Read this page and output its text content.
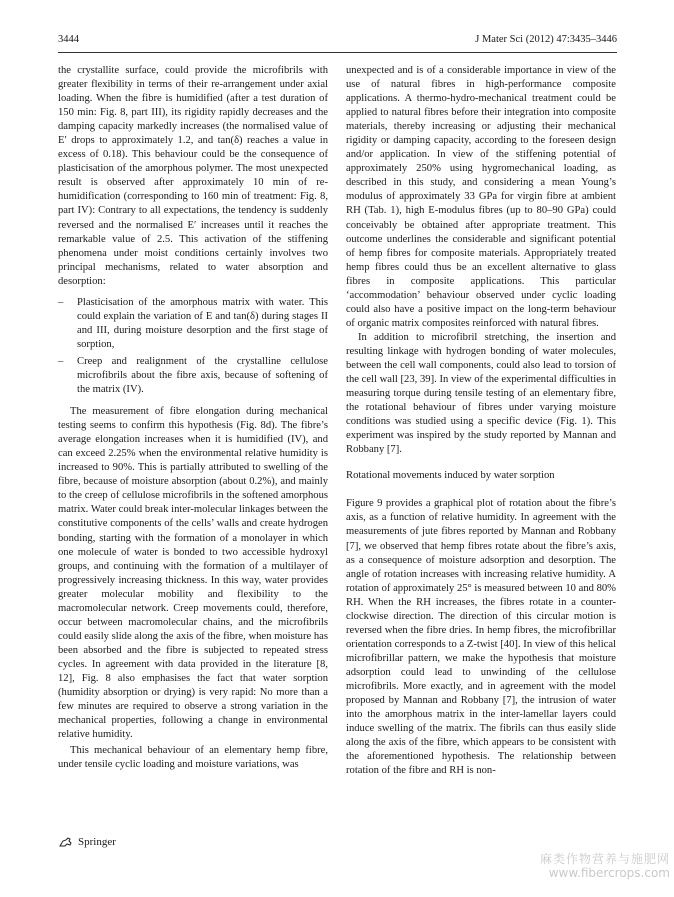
3444	J Mater Sci (2012) 47:3435–3446

the crystallite surface, could provide the microfibrils with greater flexibility in terms of their re-arrangement under axial loading. When the fibre is humidified (after a test duration of 150 min: Fig. 8, part III), its rigidity rapidly decreases and the damping capacity markedly increases (the normalised value of E′ drops to approximately 1.2, and tan(δ) reaches a value in excess of 0.18). This behaviour could be the consequence of plasticisation of the amorphous polymer. The most unexpected result is observed after approximately 10 min of re-humidification (corresponding to 160 min of treatment: Fig. 8, part IV): Contrary to all expectations, the tendency is suddenly reversed and the normalised E′ increases until it reaches the remarkable value of 2.5. This activation of the stiffening phenomena under moist conditions certainly involves two principal mechanisms, related to water absorption and desorption:

– Plasticisation of the amorphous matrix with water. This could explain the variation of E and tan(δ) during stages II and III, during moisture desorption and the first stage of sorption,
– Creep and realignment of the crystalline cellulose microfibrils about the fibre axis, because of softening of the matrix (IV).

The measurement of fibre elongation during mechanical testing seems to confirm this hypothesis (Fig. 8d). The fibre’s average elongation increases when it is humidified (IV), and can exceed 2.25% when the environmental relative humidity is increased to 90%. This is partially attributed to swelling of the fibre, because of moisture absorption (about 0.2%), and mainly to the creep of cellulose microfibrils in the softened amorphous matrix. Water could break inter-molecular linkages between the constitutive components of the cells’ walls and create hydrogen bonding, starting with the formation of a monolayer in which one molecule of water is bonded to two accessible hydroxyl groups, and continuing with the formation of a multilayer of progressively increasing thickness. In this way, water provides greater molecular mobility and flexibility to the macromolecular network. Creep movements could, therefore, occur between macromolecular chains, and the microfibrils could easily slide along the axis of the fibre, when moisture has been absorbed and the fibre is subjected to repeated stress cycles. In agreement with data provided in the literature [8, 12], Fig. 8 also emphasises the fact that water sorption (humidity absorption or drying) is very rapid: No more than a few minutes are required to observe a strong variation in the mechanical properties, following a change in environmental relative humidity.

This mechanical behaviour of an elementary hemp fibre, under tensile cyclic loading and moisture variations, was

unexpected and is of a considerable importance in view of the use of natural fibres in high-performance composite applications. A thermo-hydro-mechanical treatment could be applied to natural fibres before their integration into composite materials, thereby increasing or adjusting their mechanical rigidity or damping capacity, according to the foreseen design and/or application. In view of the stiffening potential of approximately 250% using hygromechanical loading, as described in this study, and considering a mean Young’s modulus of approximately 33 GPa for virgin fibre at ambient RH (Tab. 1), high E-modulus fibres (up to 80–90 GPa) could conceivably be obtained after appropriate treatment. This outcome underlines the considerable and significant potential of hemp fibres for composite materials. Appropriately treated hemp fibres could thus be an excellent alternative to glass fibres in composite applications. This particular ‘accommodation’ behaviour observed under cyclic loading could also have a positive impact on the long-term behaviour of organic matrix composites reinforced with natural fibres.

In addition to microfibril stretching, the insertion and resulting linkage with hydrogen bonding of water molecules, between the cell wall components, could also lead to torsion of the cell wall [23, 39]. In view of the experimental difficulties in measuring torque during tensile testing of an elementary fibre, the rotational behaviour of fibres under varying moisture conditions was studied using a specific device (Fig. 1). This experiment was inspired by the study reported by Mannan and Robbany [7].

Rotational movements induced by water sorption

Figure 9 provides a graphical plot of rotation about the fibre’s axis, as a function of relative humidity. In agreement with the measurements of jute fibres reported by Mannan and Robbany [7], we observed that hemp fibres rotate about the fibre’s axis, as a consequence of moisture adsorption and desorption. The angle of rotation increases with increasing relative humidity. A rotation of approximately 25° is measured between 10 and 80% RH. When the RH increases, the fibres rotate in a counter-clockwise direction. The direction of this circular motion is reversed when the fibre dries. In hemp fibres, the microfibrillar orientation corresponds to a Z-twist [40]. In view of this helical microfibrillar pattern, we make the hypothesis that moisture adsorption could lead to unwinding of the cellulose microfibrils. More exactly, and in agreement with the model proposed by Mannan and Robbany [7], the intrusion of water into the amorphous matrix in the inter-lamellar layers could induce swelling of the matrix. The fibrils can thus easily slide along the axis of the fibre, which appears to be consistent with the aforementioned hypothesis. The relationship between rotation of the fibre and RH is non-

Springer
麻类作物营养与施肥网
www.fibercrops.com
